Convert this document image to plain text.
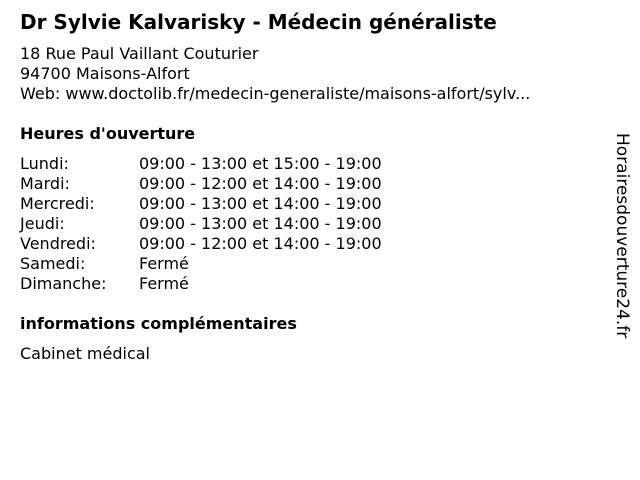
Dr Sylvie Kalvarisky - Médecin généraliste
18 Rue Paul Vaillant Couturier
94700 Maisons-Alfort
Web: www.doctolib.fr/medecin-generaliste/maisons-alfort/sylv...
Heures d'ouverture
Lundi:	09:00 - 13:00 et 15:00 - 19:00
Mardi:	09:00 - 12:00 et 14:00 - 19:00
Mercredi:	09:00 - 13:00 et 14:00 - 19:00
Jeudi:	09:00 - 13:00 et 14:00 - 19:00
Vendredi:	09:00 - 12:00 et 14:00 - 19:00
Samedi:	Fermé
Dimanche: Fermé
informations complémentaires
Cabinet médical
Horairesdouverture24.fr
